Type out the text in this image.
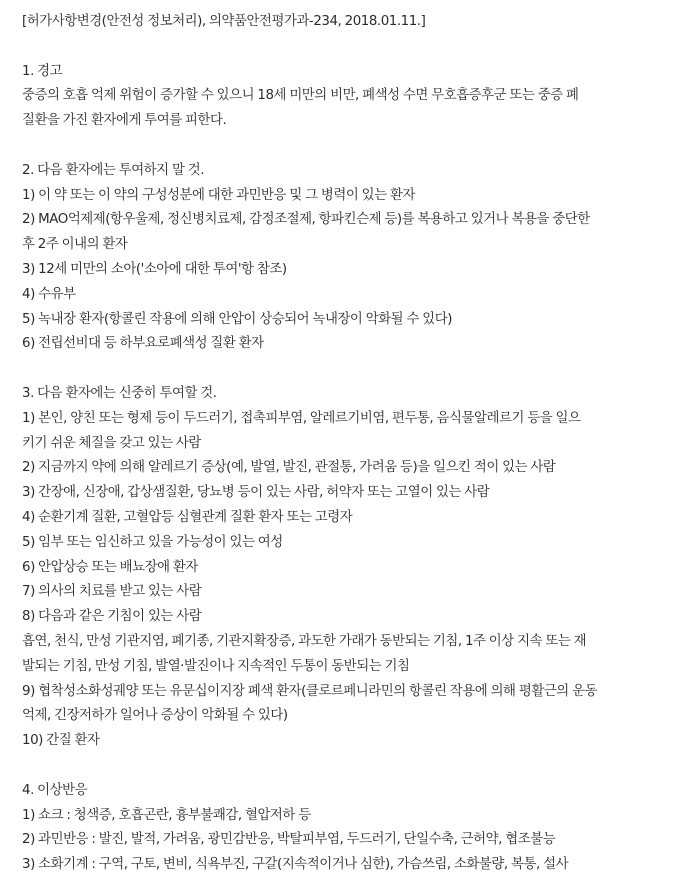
[허가사항변경(안전성 정보처리), 의약품안전평가과-234, 2018.01.11.]
1. 경고
중증의 호흡 억제 위험이 증가할 수 있으니 18세 미만의 비만, 폐색성 수면 무호흡증후군 또는 중증 폐
질환을 가진 환자에게 투여를 피한다.
2. 다음 환자에는 투여하지 말 것.
1) 이 약 또는 이 약의 구성성분에 대한 과민반응 및 그 병력이 있는 환자
2) MAO억제제(항우울제, 정신병치료제, 감정조절제, 항파킨슨제 등)를 복용하고 있거나 복용을 중단한
후 2주 이내의 환자
3) 12세 미만의 소아('소아에 대한 투여'항 참조)
4) 수유부
5) 녹내장 환자(항콜린 작용에 의해 안압이 상승되어 녹내장이 악화될 수 있다)
6) 전립선비대 등 하부요로폐색성 질환 환자
3. 다음 환자에는 신중히 투여할 것.
1) 본인, 양친 또는 형제 등이 두드러기, 접촉피부염, 알레르기비염, 편두통, 음식물알레르기 등을 일으
키기 쉬운 체질을 갖고 있는 사람
2) 지금까지 약에 의해 알레르기 증상(예, 발열, 발진, 관절통, 가려움 등)을 일으킨 적이 있는 사람
3) 간장애, 신장애, 갑상샘질환, 당뇨병 등이 있는 사람, 허약자 또는 고열이 있는 사람
4) 순환기계 질환, 고혈압등 심혈관계 질환 환자 또는 고령자
5) 임부 또는 임신하고 있을 가능성이 있는 여성
6) 안압상승 또는 배뇨장애 환자
7) 의사의 치료를 받고 있는 사람
8) 다음과 같은 기침이 있는 사람
흡연, 천식, 만성 기관지염, 폐기종, 기관지확장증, 과도한 가래가 동반되는 기침, 1주 이상 지속 또는 재
발되는 기침, 만성 기침, 발열·발진이나 지속적인 두통이 동반되는 기침
9) 협착성소화성궤양 또는 유문십이지장 폐색 환자(클로르페니라민의 항콜린 작용에 의해 평활근의 운동
억제, 긴장저하가 일어나 증상이 악화될 수 있다)
10) 간질 환자
4. 이상반응
1) 쇼크 : 청색증, 호흡곤란, 흉부불쾌감, 혈압저하 등
2) 과민반응 : 발진, 발적, 가려움, 광민감반응, 박탈피부염, 두드러기, 단일수축, 근허약, 협조불능
3) 소화기계 : 구역, 구토, 변비, 식욕부진, 구갈(지속적이거나 심한), 가슴쓰림, 소화불량, 복통, 설사
